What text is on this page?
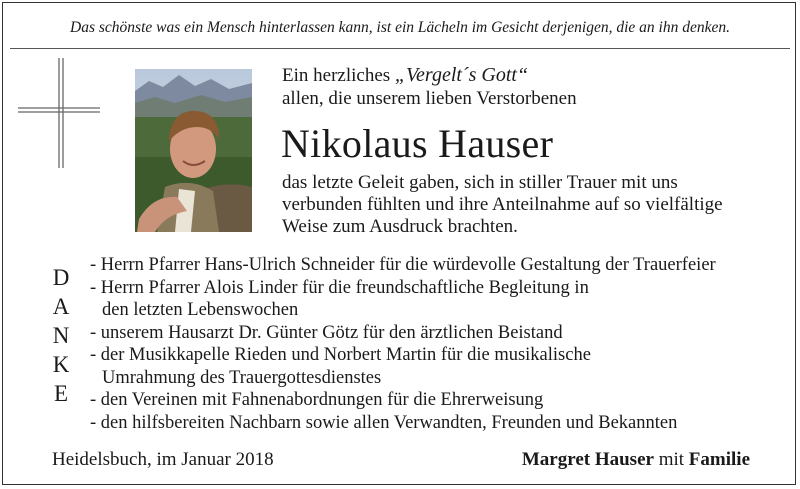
Das schönste was ein Mensch hinterlassen kann, ist ein Lächeln im Gesicht derjenigen, die an ihn denken.
Ein herzliches „Vergelt´s Gott“
allen, die unserem lieben Verstorbenen
Nikolaus Hauser
das letzte Geleit gaben, sich in stiller Trauer mit uns
verbunden fühlten und ihre Anteilnahme auf so vielfältige
Weise zum Ausdruck brachten.
D
A
N
K
E
- Herrn Pfarrer Hans-Ulrich Schneider für die würdevolle Gestaltung der Trauerfeier
- Herrn Pfarrer Alois Linder für die freundschaftliche Begleitung in
den letzten Lebenswochen
- unserem Hausarzt Dr. Günter Götz für den ärztlichen Beistand
- der Musikkapelle Rieden und Norbert Martin für die musikalische
Umrahmung des Trauergottesdienstes
- den Vereinen mit Fahnenabordnungen für die Ehrerweisung
- den hilfsbereiten Nachbarn sowie allen Verwandten, Freunden und Bekannten
Heidelsbuch, im Januar 2018	Margret Hauser mit Familie
